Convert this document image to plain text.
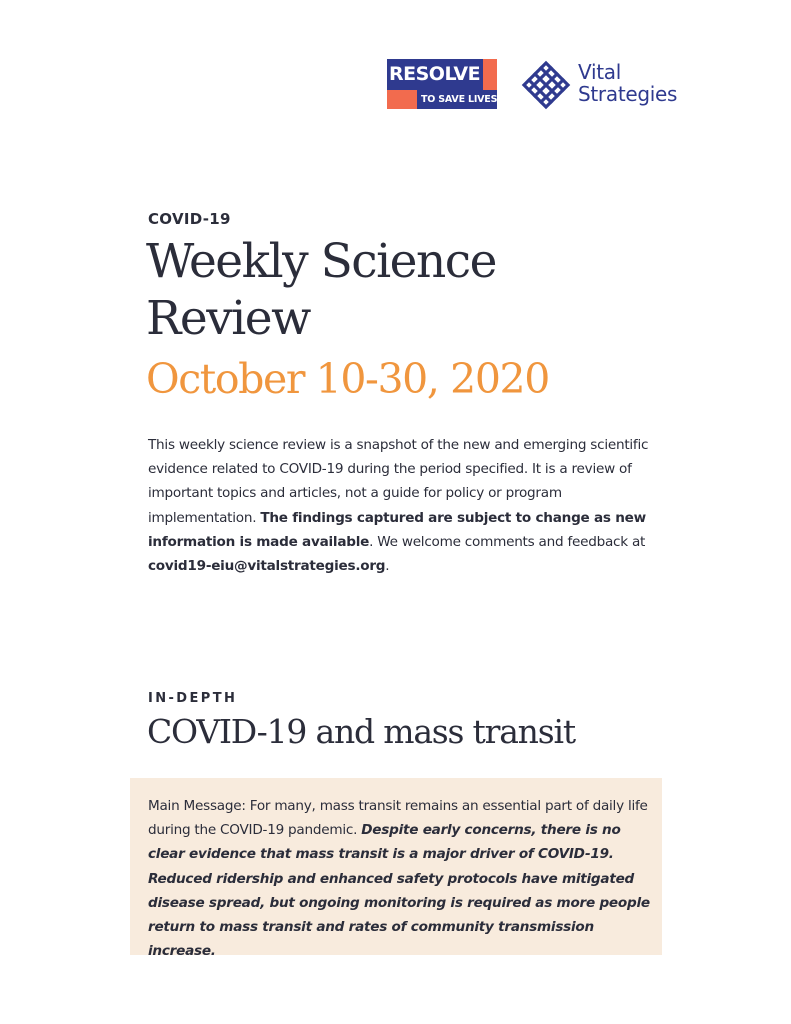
RESOLVE
TO SAVE LIVES
Vital
Strategies
COVID-19
Weekly Science Review
October 10-30, 2020

This weekly science review is a snapshot of the new and emerging scientific evidence related to COVID-19 during the period specified. It is a review of important topics and articles, not a guide for policy or program implementation. The findings captured are subject to change as new information is made available. We welcome comments and feedback at covid19-eiu@vitalstrategies.org.

IN-DEPTH
COVID-19 and mass transit

Main Message: For many, mass transit remains an essential part of daily life during the COVID-19 pandemic. Despite early concerns, there is no clear evidence that mass transit is a major driver of COVID-19. Reduced ridership and enhanced safety protocols have mitigated disease spread, but ongoing monitoring is required as more people return to mass transit and rates of community transmission increase.
